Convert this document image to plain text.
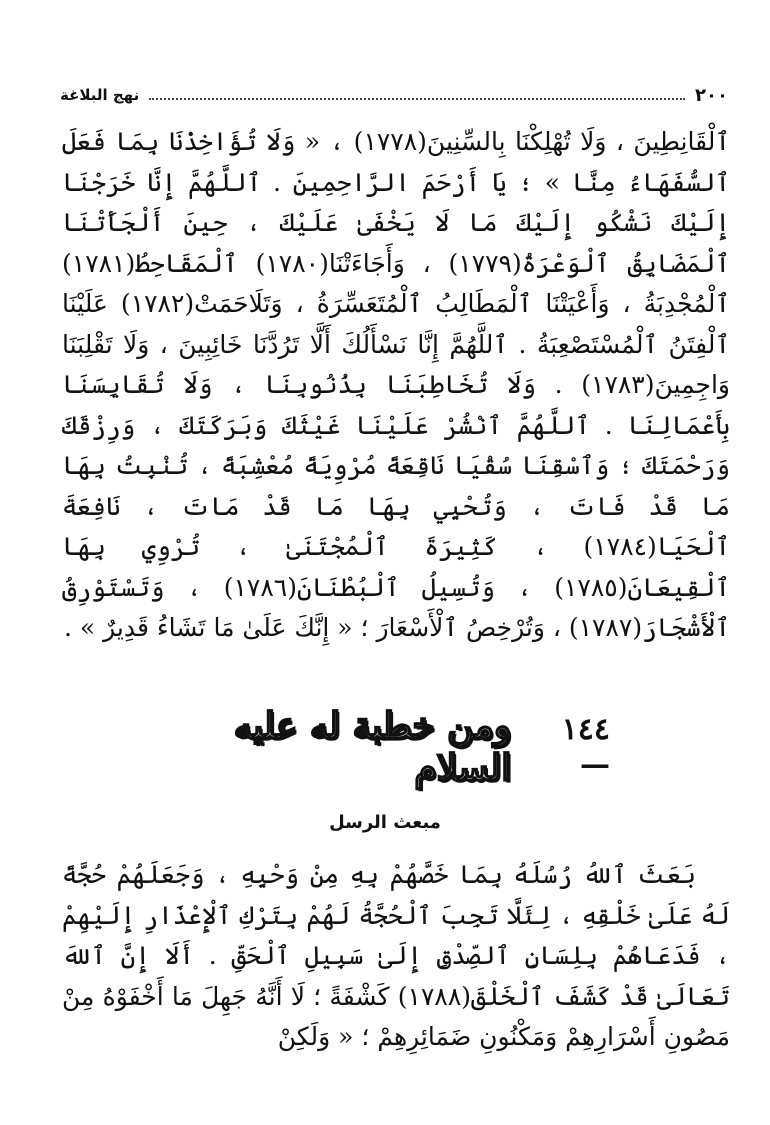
٢٠٠
نهج البلاغة

ٱلْقَانِطِينَ ، وَلَا تُهْلِكْنَا بِالسِّنِينَ(١٧٧٨) ، « وَلَا تُؤَاخِذْنَا بِمَا فَعَلَ ٱلسُّفَهَاءُ مِنَّا » ؛ يَا أَرْحَمَ الرَّاحِمِينَ . ٱللَّهُمَّ إِنَّا خَرَجْنَا إِلَيْكَ نَشْكُو إِلَيْكَ مَا لَا يَخْفَىٰ عَلَيْكَ ، حِينَ أَلْجَأَتْنَا ٱلْمَضَايِقُ ٱلْوَعْرَةُ(١٧٧٩) ، وَأَجَاءَتْنَا(١٧٨٠) ٱلْمَقَاحِطُ(١٧٨١) ٱلْمُجْدِبَةُ ، وَأَعْيَتْنَا ٱلْمَطَالِبُ ٱلْمُتَعَسِّرَةُ ، وَتَلَاحَمَتْ(١٧٨٢) عَلَيْنَا ٱلْفِتَنُ ٱلْمُسْتَصْعِبَةُ . ٱللَّهُمَّ إِنَّا نَسْأَلُكَ أَلَّا تَرُدَّنَا خَائِبِينَ ، وَلَا تَقْلِبَنَا وَاجِمِينَ(١٧٨٣) . وَلَا تُخَاطِبَنَا بِذُنُوبِنَا ، وَلَا تُقَايِسَنَا بِأَعْمَالِنَا . ٱللَّهُمَّ ٱنْشُرْ عَلَيْنَا غَيْثَكَ وَبَرَكَتَكَ ، وَرِزْقَكَ وَرَحْمَتَكَ ؛ وَٱسْقِنَا سُقْيَا نَاقِعَةً مُرْوِيَةً مُعْشِبَةً ، تُنْبِتُ بِهَا مَا قَدْ فَاتَ ، وَتُحْيِي بِهَا مَا قَدْ مَاتَ ، نَافِعَةَ ٱلْحَيَا(١٧٨٤) ، كَثِيرَةَ ٱلْمُجْتَنَىٰ ، تُرْوِي بِهَا ٱلْقِيعَانَ(١٧٨٥) ، وَتُسِيلُ ٱلْبُطْنَانَ(١٧٨٦) ، وَتَسْتَوْرِقُ ٱلْأَشْجَارَ(١٧٨٧) ، وَتُرْخِصُ ٱلْأَسْعَارَ ؛ « إِنَّكَ عَلَىٰ مَا تَشَاءُ قَدِيرٌ » .

١٤٤ —
ومن خطبة له عليه السلام
مبعث الرسل

بَعَثَ ٱللهُ رُسُلَهُ بِمَا خَصَّهُمْ بِهِ مِنْ وَحْيِهِ ، وَجَعَلَهُمْ حُجَّةً لَهُ عَلَىٰ خَلْقِهِ ، لِئَلَّا تَجِبَ ٱلْحُجَّةُ لَهُمْ بِتَرْكِ ٱلْإِعْذَارِ إِلَيْهِمْ ، فَدَعَاهُمْ بِلِسَانِ ٱلصِّدْقِ إِلَىٰ سَبِيلِ ٱلْحَقِّ . أَلَا إِنَّ ٱللهَ تَعَالَىٰ قَدْ كَشَفَ ٱلْخَلْقَ(١٧٨٨) كَشْفَةً ؛ لَا أَنَّهُ جَهِلَ مَا أَخْفَوْهُ مِنْ مَصُونِ أَسْرَارِهِمْ وَمَكْنُونِ ضَمَائِرِهِمْ ؛ « وَلَكِنْ
